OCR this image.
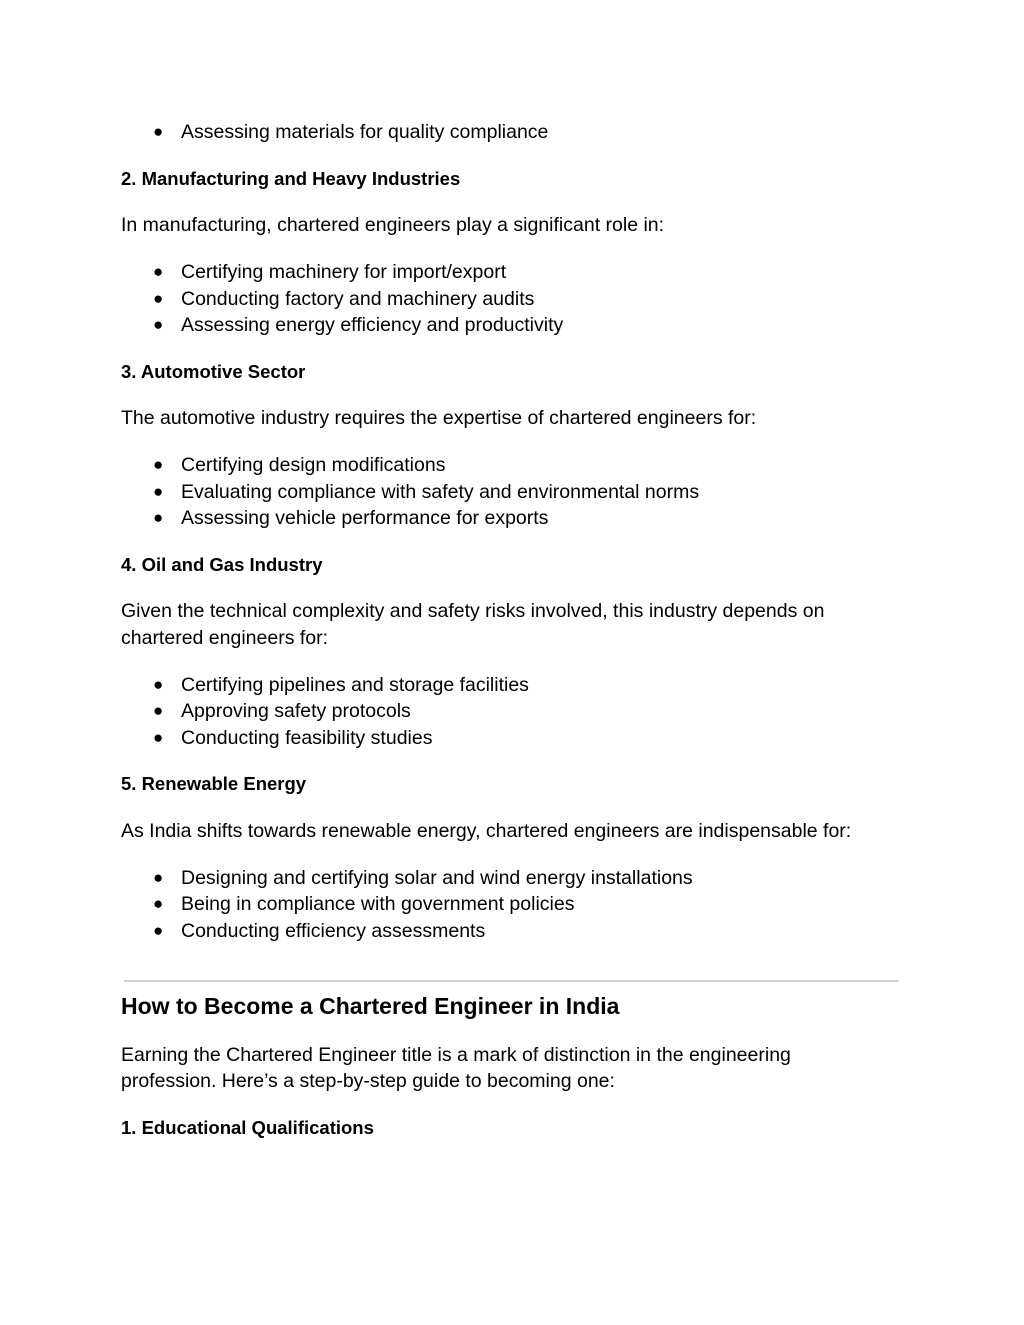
● Assessing materials for quality compliance
2. Manufacturing and Heavy Industries
In manufacturing, chartered engineers play a significant role in:
● Certifying machinery for import/export
● Conducting factory and machinery audits
● Assessing energy efficiency and productivity
3. Automotive Sector
The automotive industry requires the expertise of chartered engineers for:
● Certifying design modifications
● Evaluating compliance with safety and environmental norms
● Assessing vehicle performance for exports
4. Oil and Gas Industry
Given the technical complexity and safety risks involved, this industry depends on
chartered engineers for:
● Certifying pipelines and storage facilities
● Approving safety protocols
● Conducting feasibility studies
5. Renewable Energy
As India shifts towards renewable energy, chartered engineers are indispensable for:
● Designing and certifying solar and wind energy installations
● Being in compliance with government policies
● Conducting efficiency assessments
How to Become a Chartered Engineer in India
Earning the Chartered Engineer title is a mark of distinction in the engineering
profession. Here’s a step-by-step guide to becoming one:
1. Educational Qualifications
